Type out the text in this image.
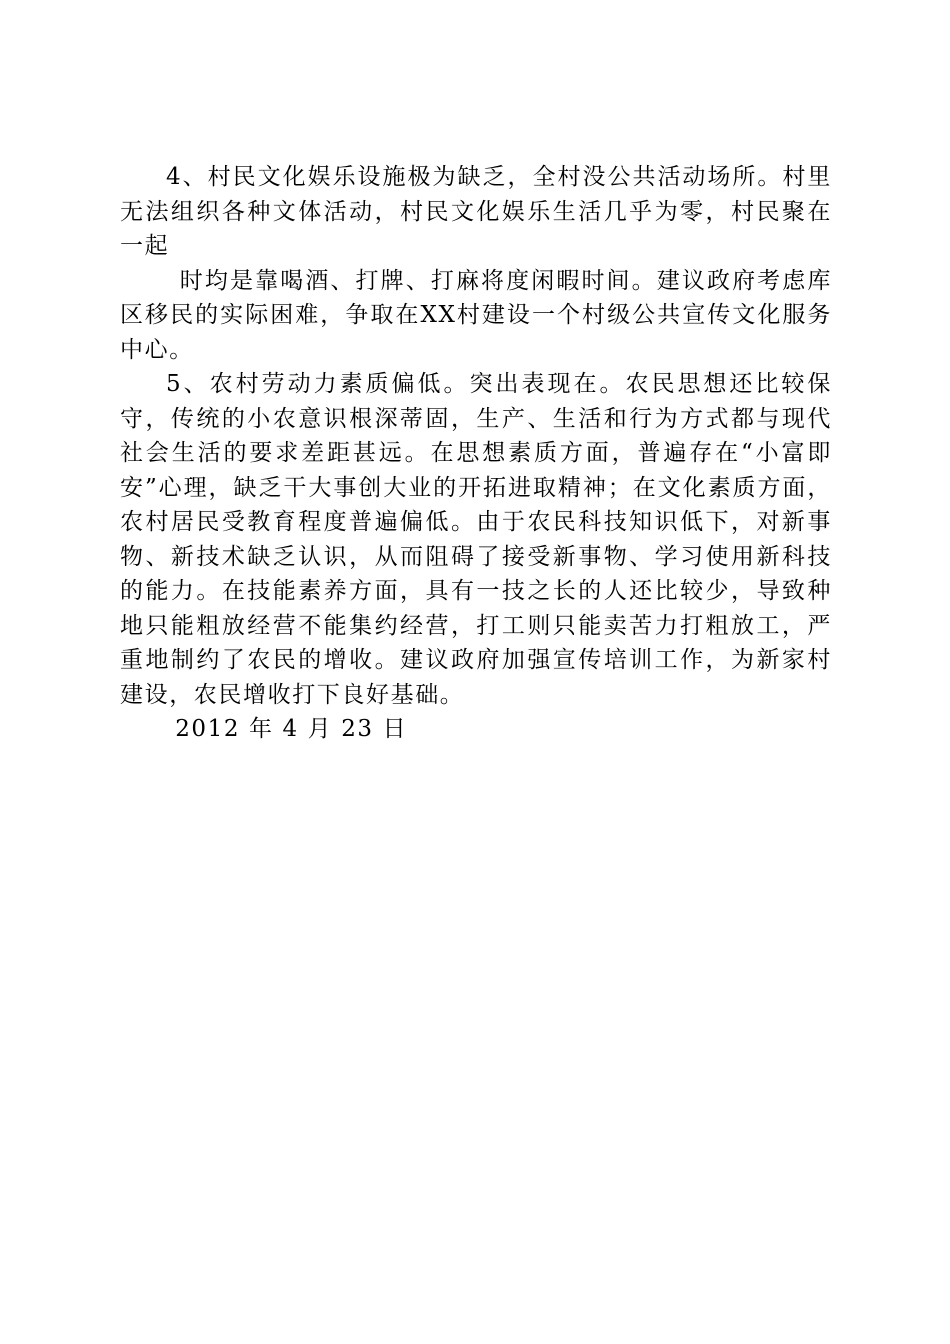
4、村民文化娱乐设施极为缺乏，全村没公共活动场所。村里无法组织各种文体活动，村民文化娱乐生活几乎为零，村民聚在一起

时均是靠喝酒、打牌、打麻将度闲暇时间。建议政府考虑库区移民的实际困难，争取在XX村建设一个村级公共宣传文化服务中心。

5、农村劳动力素质偏低。突出表现在。农民思想还比较保守，传统的小农意识根深蒂固，生产、生活和行为方式都与现代社会生活的要求差距甚远。在思想素质方面，普遍存在“小富即安”心理，缺乏干大事创大业的开拓进取精神；在文化素质方面，农村居民受教育程度普遍偏低。由于农民科技知识低下，对新事物、新技术缺乏认识，从而阻碍了接受新事物、学习使用新科技的能力。在技能素养方面，具有一技之长的人还比较少，导致种地只能粗放经营不能集约经营，打工则只能卖苦力打粗放工，严重地制约了农民的增收。建议政府加强宣传培训工作，为新家村建设，农民增收打下良好基础。

2012 年 4 月 23 日
